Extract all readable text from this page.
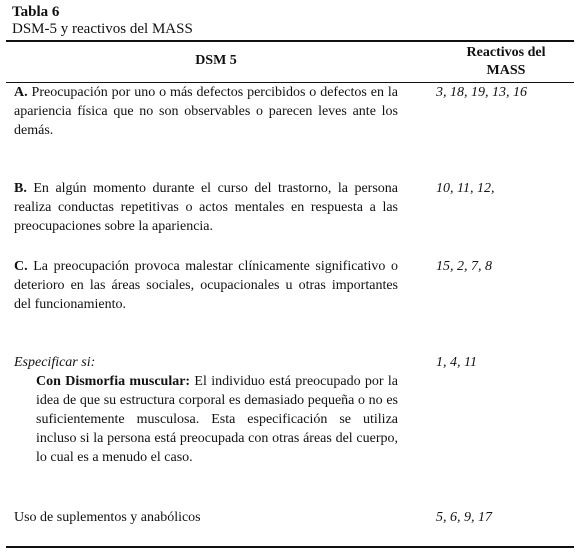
Tabla 6
DSM-5 y reactivos del MASS
DSM 5
Reactivos del
MASS
A. Preocupación por uno o más defectos percibidos o defectos en la apariencia física que no son observables o parecen leves ante los demás.
3, 18, 19, 13, 16
B. En algún momento durante el curso del trastorno, la persona realiza conductas repetitivas o actos mentales en respuesta a las preocupaciones sobre la apariencia.
10, 11, 12,
C. La preocupación provoca malestar clínicamente significativo o deterioro en las áreas sociales, ocupacionales u otras importantes del funcionamiento.
15, 2, 7, 8
Especificar si:
Con Dismorfia muscular: El individuo está preocupado por la idea de que su estructura corporal es demasiado pequeña o no es suficientemente musculosa. Esta especificación se utiliza incluso si la persona está preocupada con otras áreas del cuerpo, lo cual es a menudo el caso.
1, 4, 11
Uso de suplementos y anabólicos	5, 6, 9, 17
